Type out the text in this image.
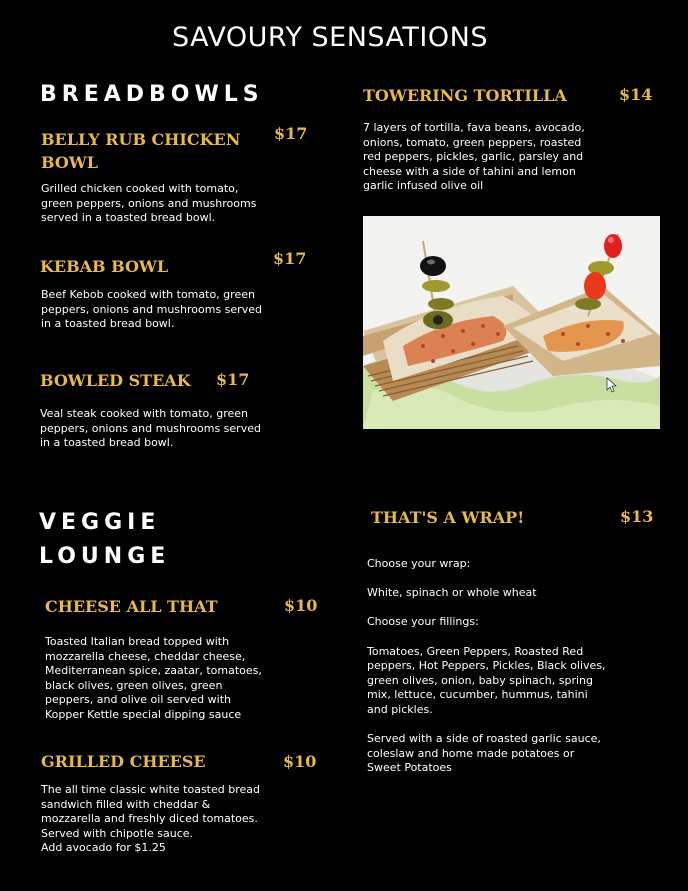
SAVOURY SENSATIONS
BREADBOWLS
BELLY RUB CHICKEN BOWL
$17
Grilled chicken cooked with tomato, green peppers, onions and mushrooms served in a toasted bread bowl.
KEBAB BOWL	$17
Beef Kebob cooked with tomato, green peppers, onions and mushrooms served in a toasted bread bowl.
BOWLED STEAK $17
Veal steak cooked with tomato, green peppers, onions and mushrooms served in a toasted bread bowl.
TOWERING TORTILLA	$14
7 layers of tortilla, fava beans, avocado, onions, tomato, green peppers, roasted red peppers, pickles, garlic, parsley and cheese with a side of tahini and lemon garlic infused olive oil
VEGGIE
LOUNGE
CHEESE ALL THAT	$10
Toasted Italian bread topped with mozzarella cheese, cheddar cheese, Mediterranean spice, zaatar, tomatoes, black olives, green olives, green peppers, and olive oil served with Kopper Kettle special dipping sauce
GRILLED CHEESE	$10
The all time classic white toasted bread sandwich filled with cheddar & mozzarella and freshly diced tomatoes. Served with chipotle sauce.
Add avocado for $1.25
THAT'S A WRAP!	$13

Choose your wrap:

White, spinach or whole wheat

Choose your fillings:

Tomatoes, Green Peppers, Roasted Red peppers, Hot Peppers, Pickles, Black olives, green olives, onion, baby spinach, spring mix, lettuce, cucumber, hummus, tahini and pickles.

Served with a side of roasted garlic sauce, coleslaw and home made potatoes or Sweet Potatoes
